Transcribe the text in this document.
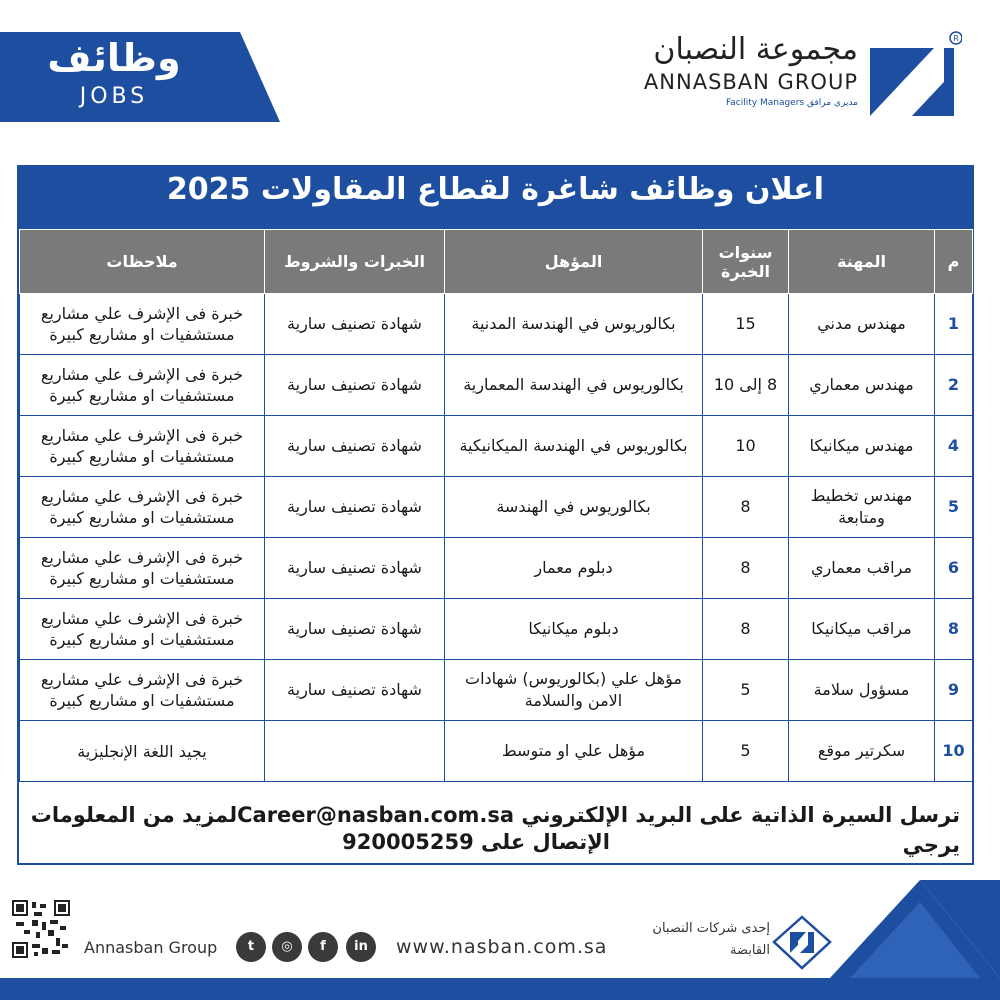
وظائف
JOBS
مجموعة النصبان
ANNASBAN GROUP
Facility Managers مديري مرافق
R
اعلان وظائف شاغرة لقطاع المقاولات 2025
م	المهنة	سنوات الخبرة	المؤهل	الخبرات والشروط	ملاحظات
1	مهندس مدني	15	بكالوريوس في الهندسة المدنية	شهادة تصنيف سارية	خبرة فى الإشرف علي مشاريع مستشفيات او مشاريع كبيرة
2	مهندس معماري	8 إلى 10	بكالوريوس في الهندسة المعمارية	شهادة تصنيف سارية	خبرة فى الإشرف علي مشاريع مستشفيات او مشاريع كبيرة
4	مهندس ميكانيكا	10	بكالوريوس في الهندسة الميكانيكية	شهادة تصنيف سارية	خبرة فى الإشرف علي مشاريع مستشفيات او مشاريع كبيرة
5	مهندس تخطيط ومتابعة	8	بكالوريوس في الهندسة	شهادة تصنيف سارية	خبرة فى الإشرف علي مشاريع مستشفيات او مشاريع كبيرة
6	مراقب معماري	8	دبلوم معمار	شهادة تصنيف سارية	خبرة فى الإشرف علي مشاريع مستشفيات او مشاريع كبيرة
8	مراقب ميكانيكا	8	دبلوم ميكانيكا	شهادة تصنيف سارية	خبرة فى الإشرف علي مشاريع مستشفيات او مشاريع كبيرة
9	مسؤول سلامة	5	مؤهل علي (بكالوريوس) شهادات الامن والسلامة	شهادة تصنيف سارية	خبرة فى الإشرف علي مشاريع مستشفيات او مشاريع كبيرة
10	سكرتير موقع	5	مؤهل علي او متوسط		يجيد اللغة الإنجليزية
ترسل السيرة الذاتية على البريد الإلكتروني Career@nasban.com.saلمزيد من المعلومات يرجي
الإتصال على 920005259
Annasban Group	t	◎	f	in	www.nasban.com.sa
إحدى شركات النصبان القابضة
